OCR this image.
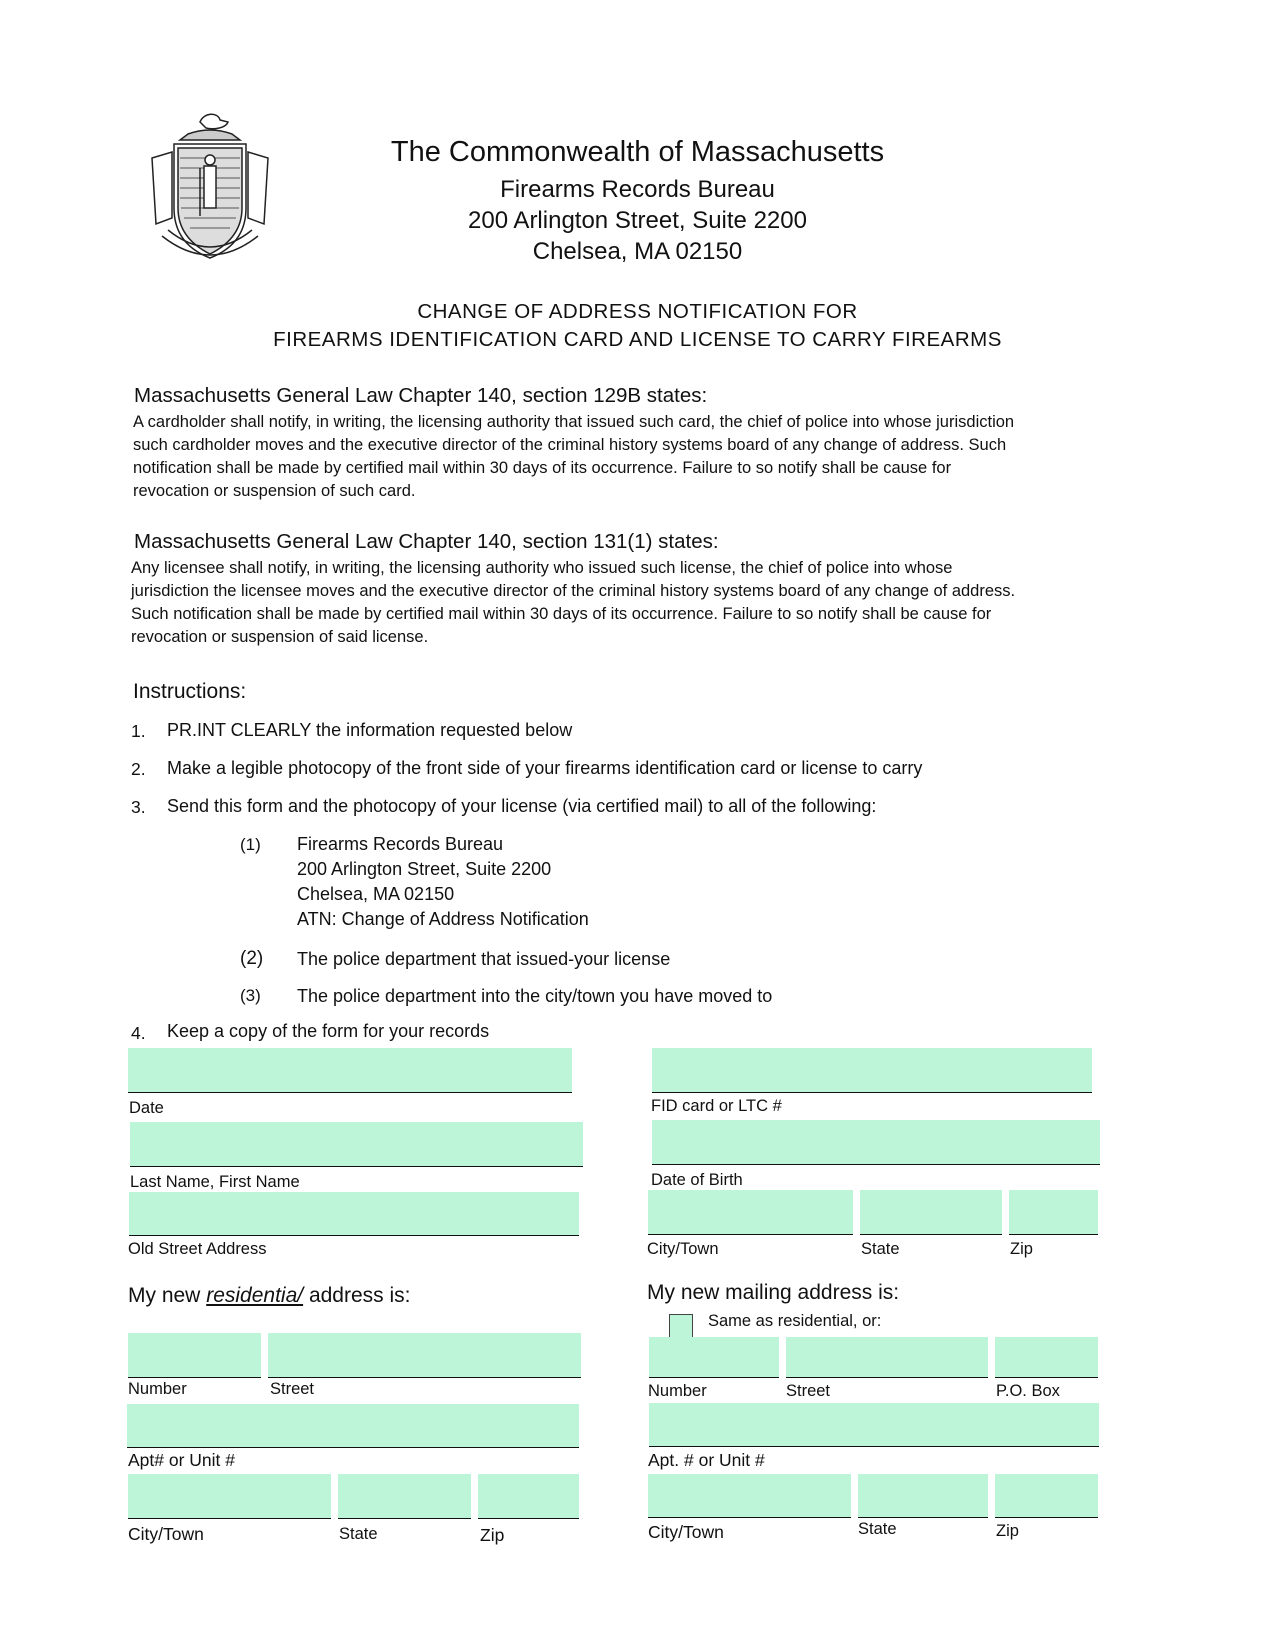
The Commonwealth of Massachusetts
Firearms Records Bureau
200 Arlington Street, Suite 2200
Chelsea, MA 02150
CHANGE OF ADDRESS NOTIFICATION FOR
FIREARMS IDENTIFICATION CARD AND LICENSE TO CARRY FIREARMS
Massachusetts General Law Chapter 140, section 129B states:
A cardholder shall notify, in writing, the licensing authority that issued such card, the chief of police into whose jurisdiction
such cardholder moves and the executive director of the criminal history systems board of any change of address. Such
notification shall be made by certified mail within 30 days of its occurrence. Failure to so notify shall be cause for
revocation or suspension of such card.
Massachusetts General Law Chapter 140, section 131(1) states:
Any licensee shall notify, in writing, the licensing authority who issued such license, the chief of police into whose
jurisdiction the licensee moves and the executive director of the criminal history systems board of any change of address.
Such notification shall be made by certified mail within 30 days of its occurrence. Failure to so notify shall be cause for
revocation or suspension of said license.
Instructions:
1. PR.INT CLEARLY the information requested below
2. Make a legible photocopy of the front side of your firearms identification card or license to carry
3. Send this form and the photocopy of your license (via certified mail) to all of the following:
(1) Firearms Records Bureau
200 Arlington Street, Suite 2200
Chelsea, MA 02150
ATN: Change of Address Notification
(2) The police department that issued-your license
(3) The police department into the city/town you have moved to
4. Keep a copy of the form for your records
Date
Last Name, First Name
Old Street Address
FID card or LTC #
Date of Birth
City/Town	State	Zip
My new residentia/ address is:
Number	Street
Apt# or Unit #
City/Town	State	Zip
My new mailing address is:
Same as residential, or:
Number	Street	P.O. Box
Apt. # or Unit #
City/Town	State	Zip
